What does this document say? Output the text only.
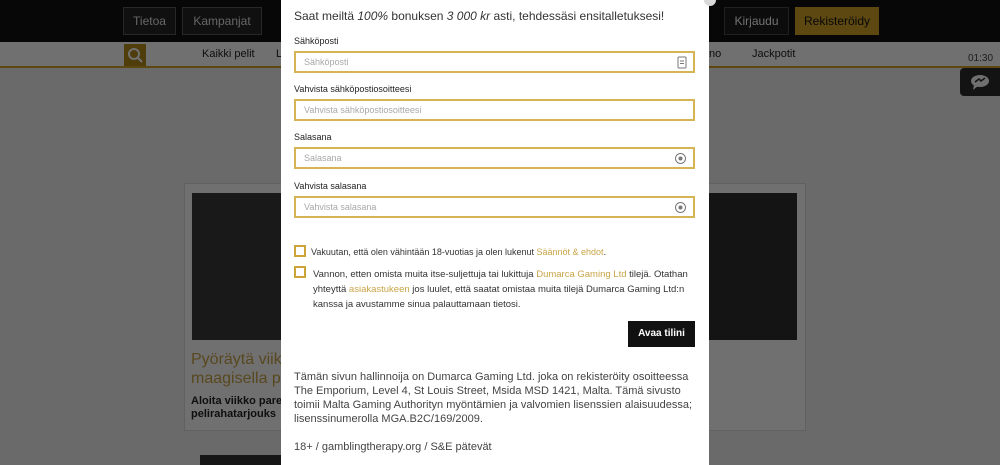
Saat meiltä 100% bonuksen 3 000 kr asti, tehdessäsi ensitalletuksesi!
Sähköposti
Sähköposti
Vahvista sähköpostiosoitteesi
Vahvista sähköpostiosoitteesi
Salasana
Salasana
Vahvista salasana
Vahvista salasana
Vakuutan, että olen vähintään 18-vuotias ja olen lukenut Säännöt & ehdot.
Vannon, etten omista muita itse-suljettuja tai lukittuja Dumarca Gaming Ltd tilejä. Otathan yhteyttä asiakastukeen jos luulet, että saatat omistaa muita tilejä Dumarca Gaming Ltd:n kanssa ja avustamme sinua palauttamaan tietosi.
Avaa tilini
Tämän sivun hallinnoija on Dumarca Gaming Ltd. joka on rekisteröity osoitteessa The Emporium, Level 4, St Louis Street, Msida MSD 1421, Malta. Tämä sivusto toimii Malta Gaming Authorityn myöntämien ja valvomien lisenssien alaisuudessa; lisenssinumerolla MGA.B2C/169/2009.
18+ / gamblingtherapy.org / S&E pätevät
